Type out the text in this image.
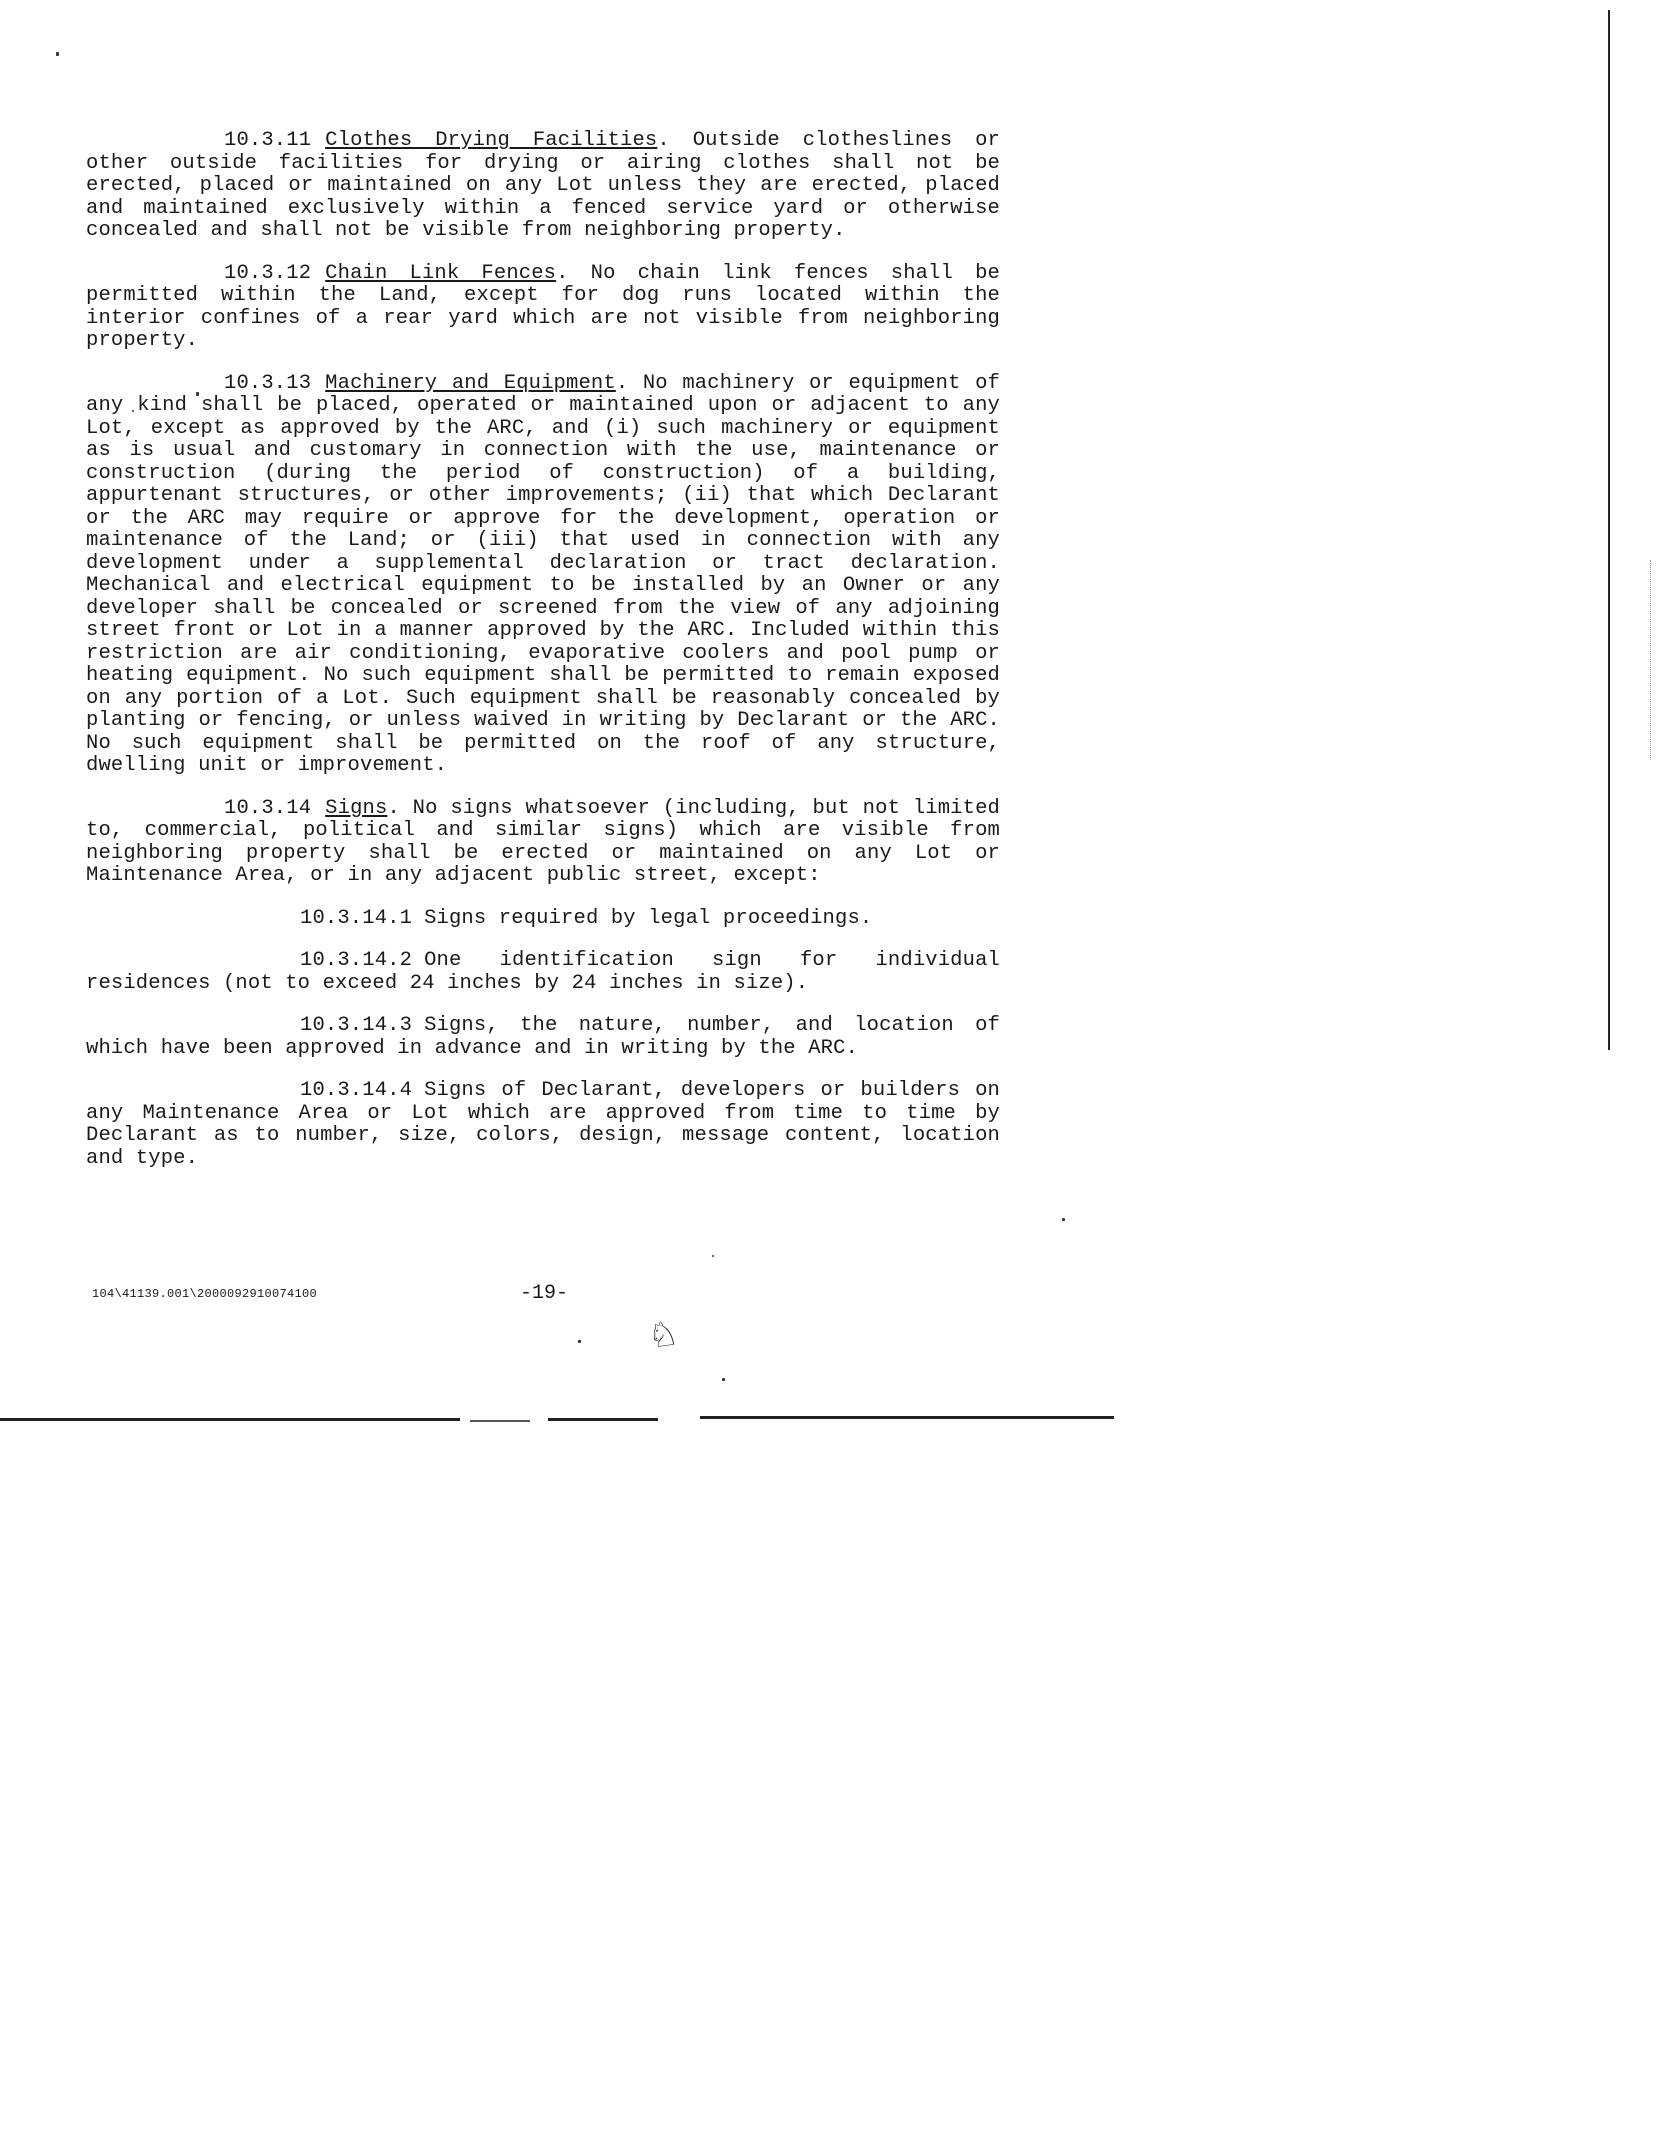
10.3.11 Clothes Drying Facilities. Outside clotheslines or other outside facilities for drying or airing clothes shall not be erected, placed or maintained on any Lot unless they are erected, placed and maintained exclusively within a fenced service yard or otherwise concealed and shall not be visible from neighboring property.

10.3.12 Chain Link Fences. No chain link fences shall be permitted within the Land, except for dog runs located within the interior confines of a rear yard which are not visible from neighboring property.

10.3.13 Machinery and Equipment. No machinery or equipment of any kind shall be placed, operated or maintained upon or adjacent to any Lot, except as approved by the ARC, and (i) such machinery or equipment as is usual and customary in connection with the use, maintenance or construction (during the period of construction) of a building, appurtenant structures, or other improvements; (ii) that which Declarant or the ARC may require or approve for the development, operation or maintenance of the Land; or (iii) that used in connection with any development under a supplemental declaration or tract declaration. Mechanical and electrical equipment to be installed by an Owner or any developer shall be concealed or screened from the view of any adjoining street front or Lot in a manner approved by the ARC. Included within this restriction are air conditioning, evaporative coolers and pool pump or heating equipment. No such equipment shall be permitted to remain exposed on any portion of a Lot. Such equipment shall be reasonably concealed by planting or fencing, or unless waived in writing by Declarant or the ARC. No such equipment shall be permitted on the roof of any structure, dwelling unit or improvement.

10.3.14 Signs. No signs whatsoever (including, but not limited to, commercial, political and similar signs) which are visible from neighboring property shall be erected or maintained on any Lot or Maintenance Area, or in any adjacent public street, except:

10.3.14.1 Signs required by legal proceedings.

10.3.14.2 One identification sign for individual residences (not to exceed 24 inches by 24 inches in size).

10.3.14.3 Signs, the nature, number, and location of which have been approved in advance and in writing by the ARC.

10.3.14.4 Signs of Declarant, developers or builders on any Maintenance Area or Lot which are approved from time to time by Declarant as to number, size, colors, design, message content, location and type.

104\41139.001\2000092910074100	-19-
♘
